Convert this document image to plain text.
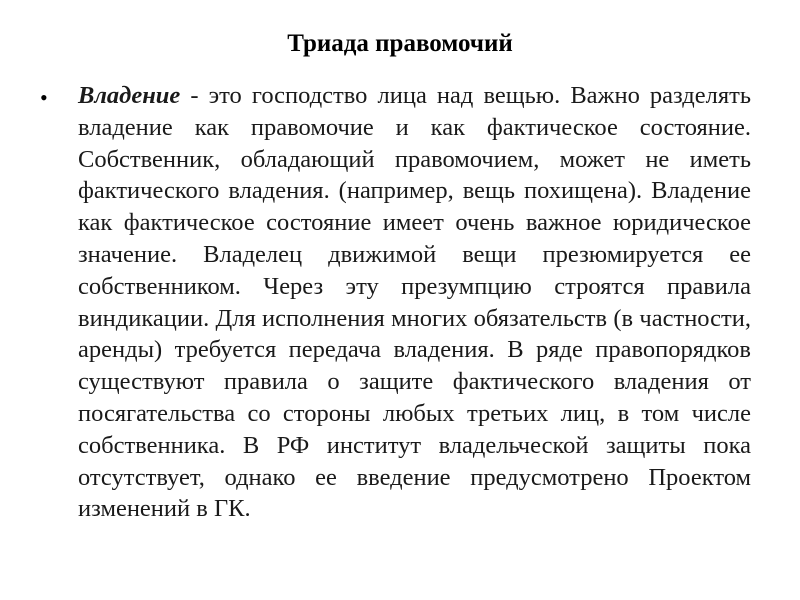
Триада правомочий
• Владение - это господство лица над вещью. Важно разделять владение как правомочие и как фактическое состояние. Собственник, обладающий правомочием, может не иметь фактического владения. (например, вещь похищена). Владение как фактическое состояние имеет очень важное юридическое значение. Владелец движимой вещи презюмируется ее собственником. Через эту презумпцию строятся правила виндикации. Для исполнения многих обязательств (в частности, аренды) требуется передача владения. В ряде правопорядков существуют правила о защите фактического владения от посягательства со стороны любых третьих лиц, в том числе собственника. В РФ институт владельческой защиты пока отсутствует, однако ее введение предусмотрено Проектом изменений в ГК.
